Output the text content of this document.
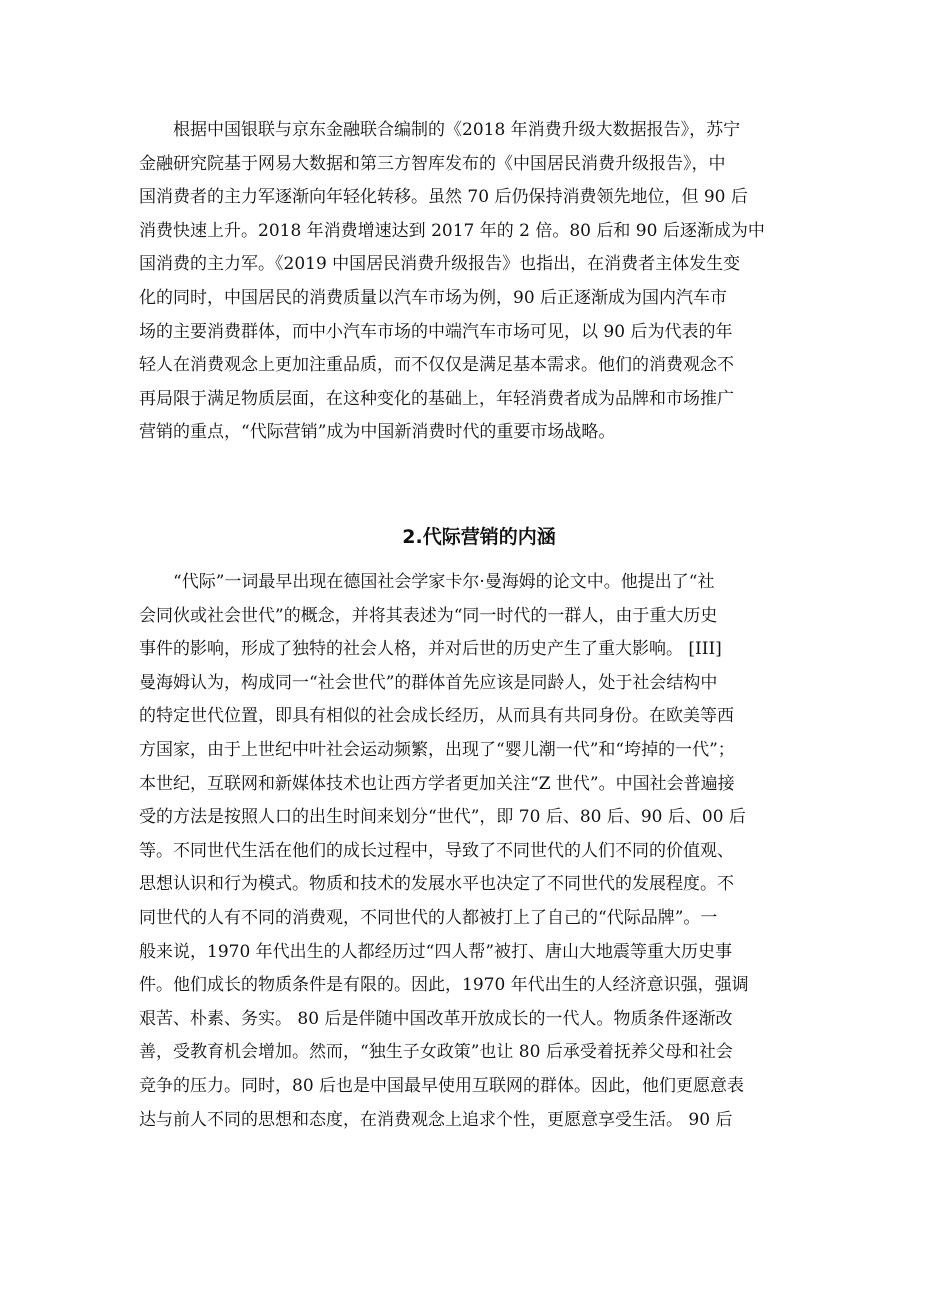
　　根据中国银联与京东金融联合编制的《2018 年消费升级大数据报告》，苏宁
金融研究院基于网易大数据和第三方智库发布的《中国居民消费升级报告》，中
国消费者的主力军逐渐向年轻化转移。虽然 70 后仍保持消费领先地位，但 90 后
消费快速上升。2018 年消费增速达到 2017 年的 2 倍。80 后和 90 后逐渐成为中
国消费的主力军。《2019 中国居民消费升级报告》也指出，在消费者主体发生变
化的同时，中国居民的消费质量以汽车市场为例，90 后正逐渐成为国内汽车市
场的主要消费群体，而中小汽车市场的中端汽车市场可见，以 90 后为代表的年
轻人在消费观念上更加注重品质，而不仅仅是满足基本需求。他们的消费观念不
再局限于满足物质层面，在这种变化的基础上，年轻消费者成为品牌和市场推广
营销的重点，“代际营销”成为中国新消费时代的重要市场战略。
2.代际营销的内涵
　　“代际”一词最早出现在德国社会学家卡尔·曼海姆的论文中。他提出了“社
会同伙或社会世代”的概念，并将其表述为“同一时代的一群人，由于重大历史
事件的影响，形成了独特的社会人格，并对后世的历史产生了重大影响。 [III]
曼海姆认为，构成同一“社会世代”的群体首先应该是同龄人，处于社会结构中
的特定世代位置，即具有相似的社会成长经历，从而具有共同身份。在欧美等西
方国家，由于上世纪中叶社会运动频繁，出现了“婴儿潮一代”和“垮掉的一代”；
本世纪，互联网和新媒体技术也让西方学者更加关注“Z 世代”。中国社会普遍接
受的方法是按照人口的出生时间来划分“世代”，即 70 后、80 后、90 后、00 后
等。不同世代生活在他们的成长过程中，导致了不同世代的人们不同的价值观、
思想认识和行为模式。物质和技术的发展水平也决定了不同世代的发展程度。不
同世代的人有不同的消费观，不同世代的人都被打上了自己的“代际品牌”。一
般来说，1970 年代出生的人都经历过“四人帮”被打、唐山大地震等重大历史事
件。他们成长的物质条件是有限的。因此，1970 年代出生的人经济意识强，强调
艰苦、朴素、务实。 80 后是伴随中国改革开放成长的一代人。物质条件逐渐改
善，受教育机会增加。然而，“独生子女政策”也让 80 后承受着抚养父母和社会
竞争的压力。同时，80 后也是中国最早使用互联网的群体。因此，他们更愿意表
达与前人不同的思想和态度，在消费观念上追求个性，更愿意享受生活。 90 后
